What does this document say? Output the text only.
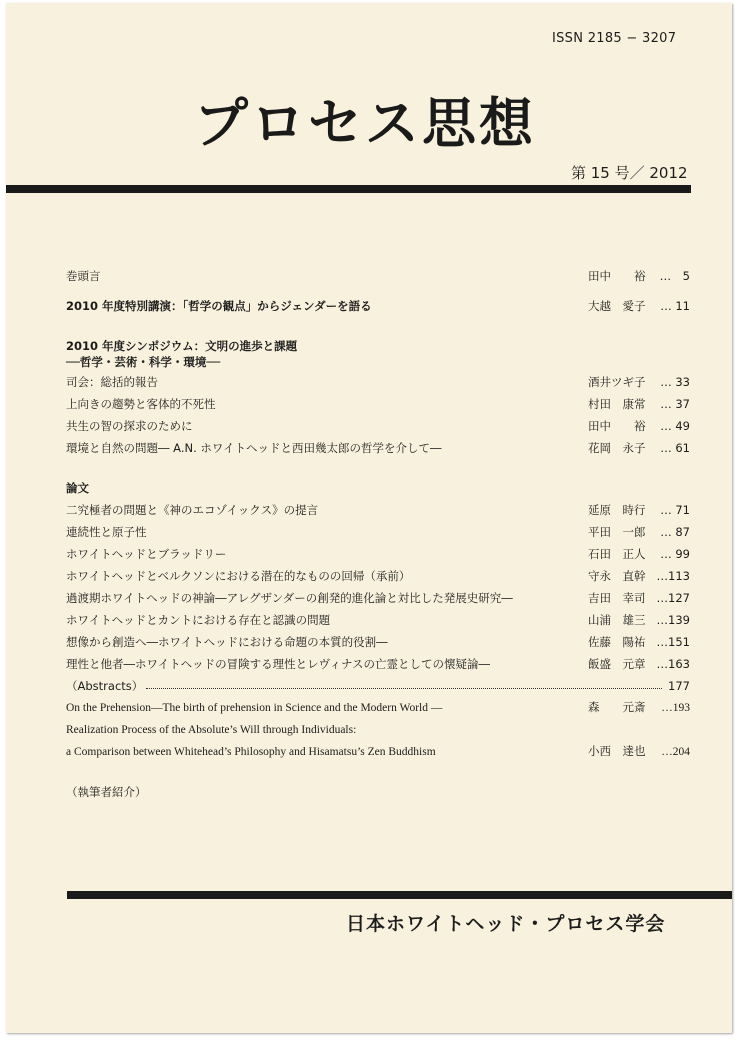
ISSN 2185 − 3207
プロセス思想
第 15 号／ 2012
巻頭言	田中　　裕 …　5
2010 年度特別講演：「哲学の観点」からジェンダーを語る	大越　愛子 … 11
2010 年度シンポジウム：文明の進歩と課題
──哲学・芸術・科学・環境──
司会：総括的報告	酒井ツギ子 … 33
上向きの趨勢と客体的不死性	村田　康常 … 37
共生の智の探求のために	田中　　裕 … 49
環境と自然の問題― A.N. ホワイトヘッドと西田幾太郎の哲学を介して―	花岡　永子 … 61
論文
二究極者の問題と《神のエコゾイックス》の提言	延原　時行 … 71
連続性と原子性	平田　一郎 … 87
ホワイトヘッドとブラッドリー	石田　正人 … 99
ホワイトヘッドとベルクソンにおける潜在的なものの回帰（承前）	守永　直幹 …113
過渡期ホワイトヘッドの神論―アレグザンダーの創発的進化論と対比した発展史研究―	吉田　幸司 …127
ホワイトヘッドとカントにおける存在と認識の問題	山浦　雄三 …139
想像から創造へ―ホワイトヘッドにおける命題の本質的役割―	佐藤　陽祐 …151
理性と他者―ホワイトヘッドの冒険する理性とレヴィナスの亡霊としての懐疑論―	飯盛　元章 …163
（Abstracts）	177
On the Prehension—The birth of prehension in Science and the Modern World —	森　　元斎 …193
Realization Process of the Absolute’s Will through Individuals:
a Comparison between Whitehead’s Philosophy and Hisamatsu’s Zen Buddhism	小西　達也 …204
（執筆者紹介）
日本ホワイトヘッド・プロセス学会
